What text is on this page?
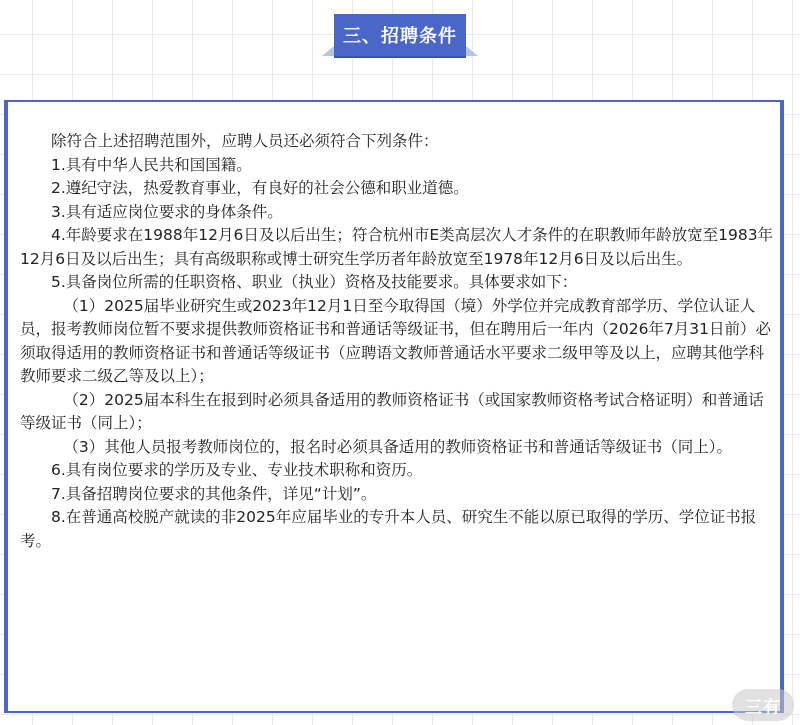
三、招聘条件

除符合上述招聘范围外，应聘人员还必须符合下列条件：

1.具有中华人民共和国国籍。

2.遵纪守法，热爱教育事业，有良好的社会公德和职业道德。

3.具有适应岗位要求的身体条件。

4.年龄要求在1988年12月6日及以后出生；符合杭州市E类高层次人才条件的在职教师年龄放宽至1983年12月6日及以后出生；具有高级职称或博士研究生学历者年龄放宽至1978年12月6日及以后出生。

5.具备岗位所需的任职资格、职业（执业）资格及技能要求。具体要求如下：

（1）2025届毕业研究生或2023年12月1日至今取得国（境）外学位并完成教育部学历、学位认证人员，报考教师岗位暂不要求提供教师资格证书和普通话等级证书，但在聘用后一年内（2026年7月31日前）必须取得适用的教师资格证书和普通话等级证书（应聘语文教师普通话水平要求二级甲等及以上，应聘其他学科教师要求二级乙等及以上）；

（2）2025届本科生在报到时必须具备适用的教师资格证书（或国家教师资格考试合格证明）和普通话等级证书（同上）；

（3）其他人员报考教师岗位的，报名时必须具备适用的教师资格证书和普通话等级证书（同上）。

6.具有岗位要求的学历及专业、专业技术职称和资历。

7.具备招聘岗位要求的其他条件，详见“计划”。

8.在普通高校脱产就读的非2025年应届毕业的专升本人员、研究生不能以原已取得的学历、学位证书报考。

三有
